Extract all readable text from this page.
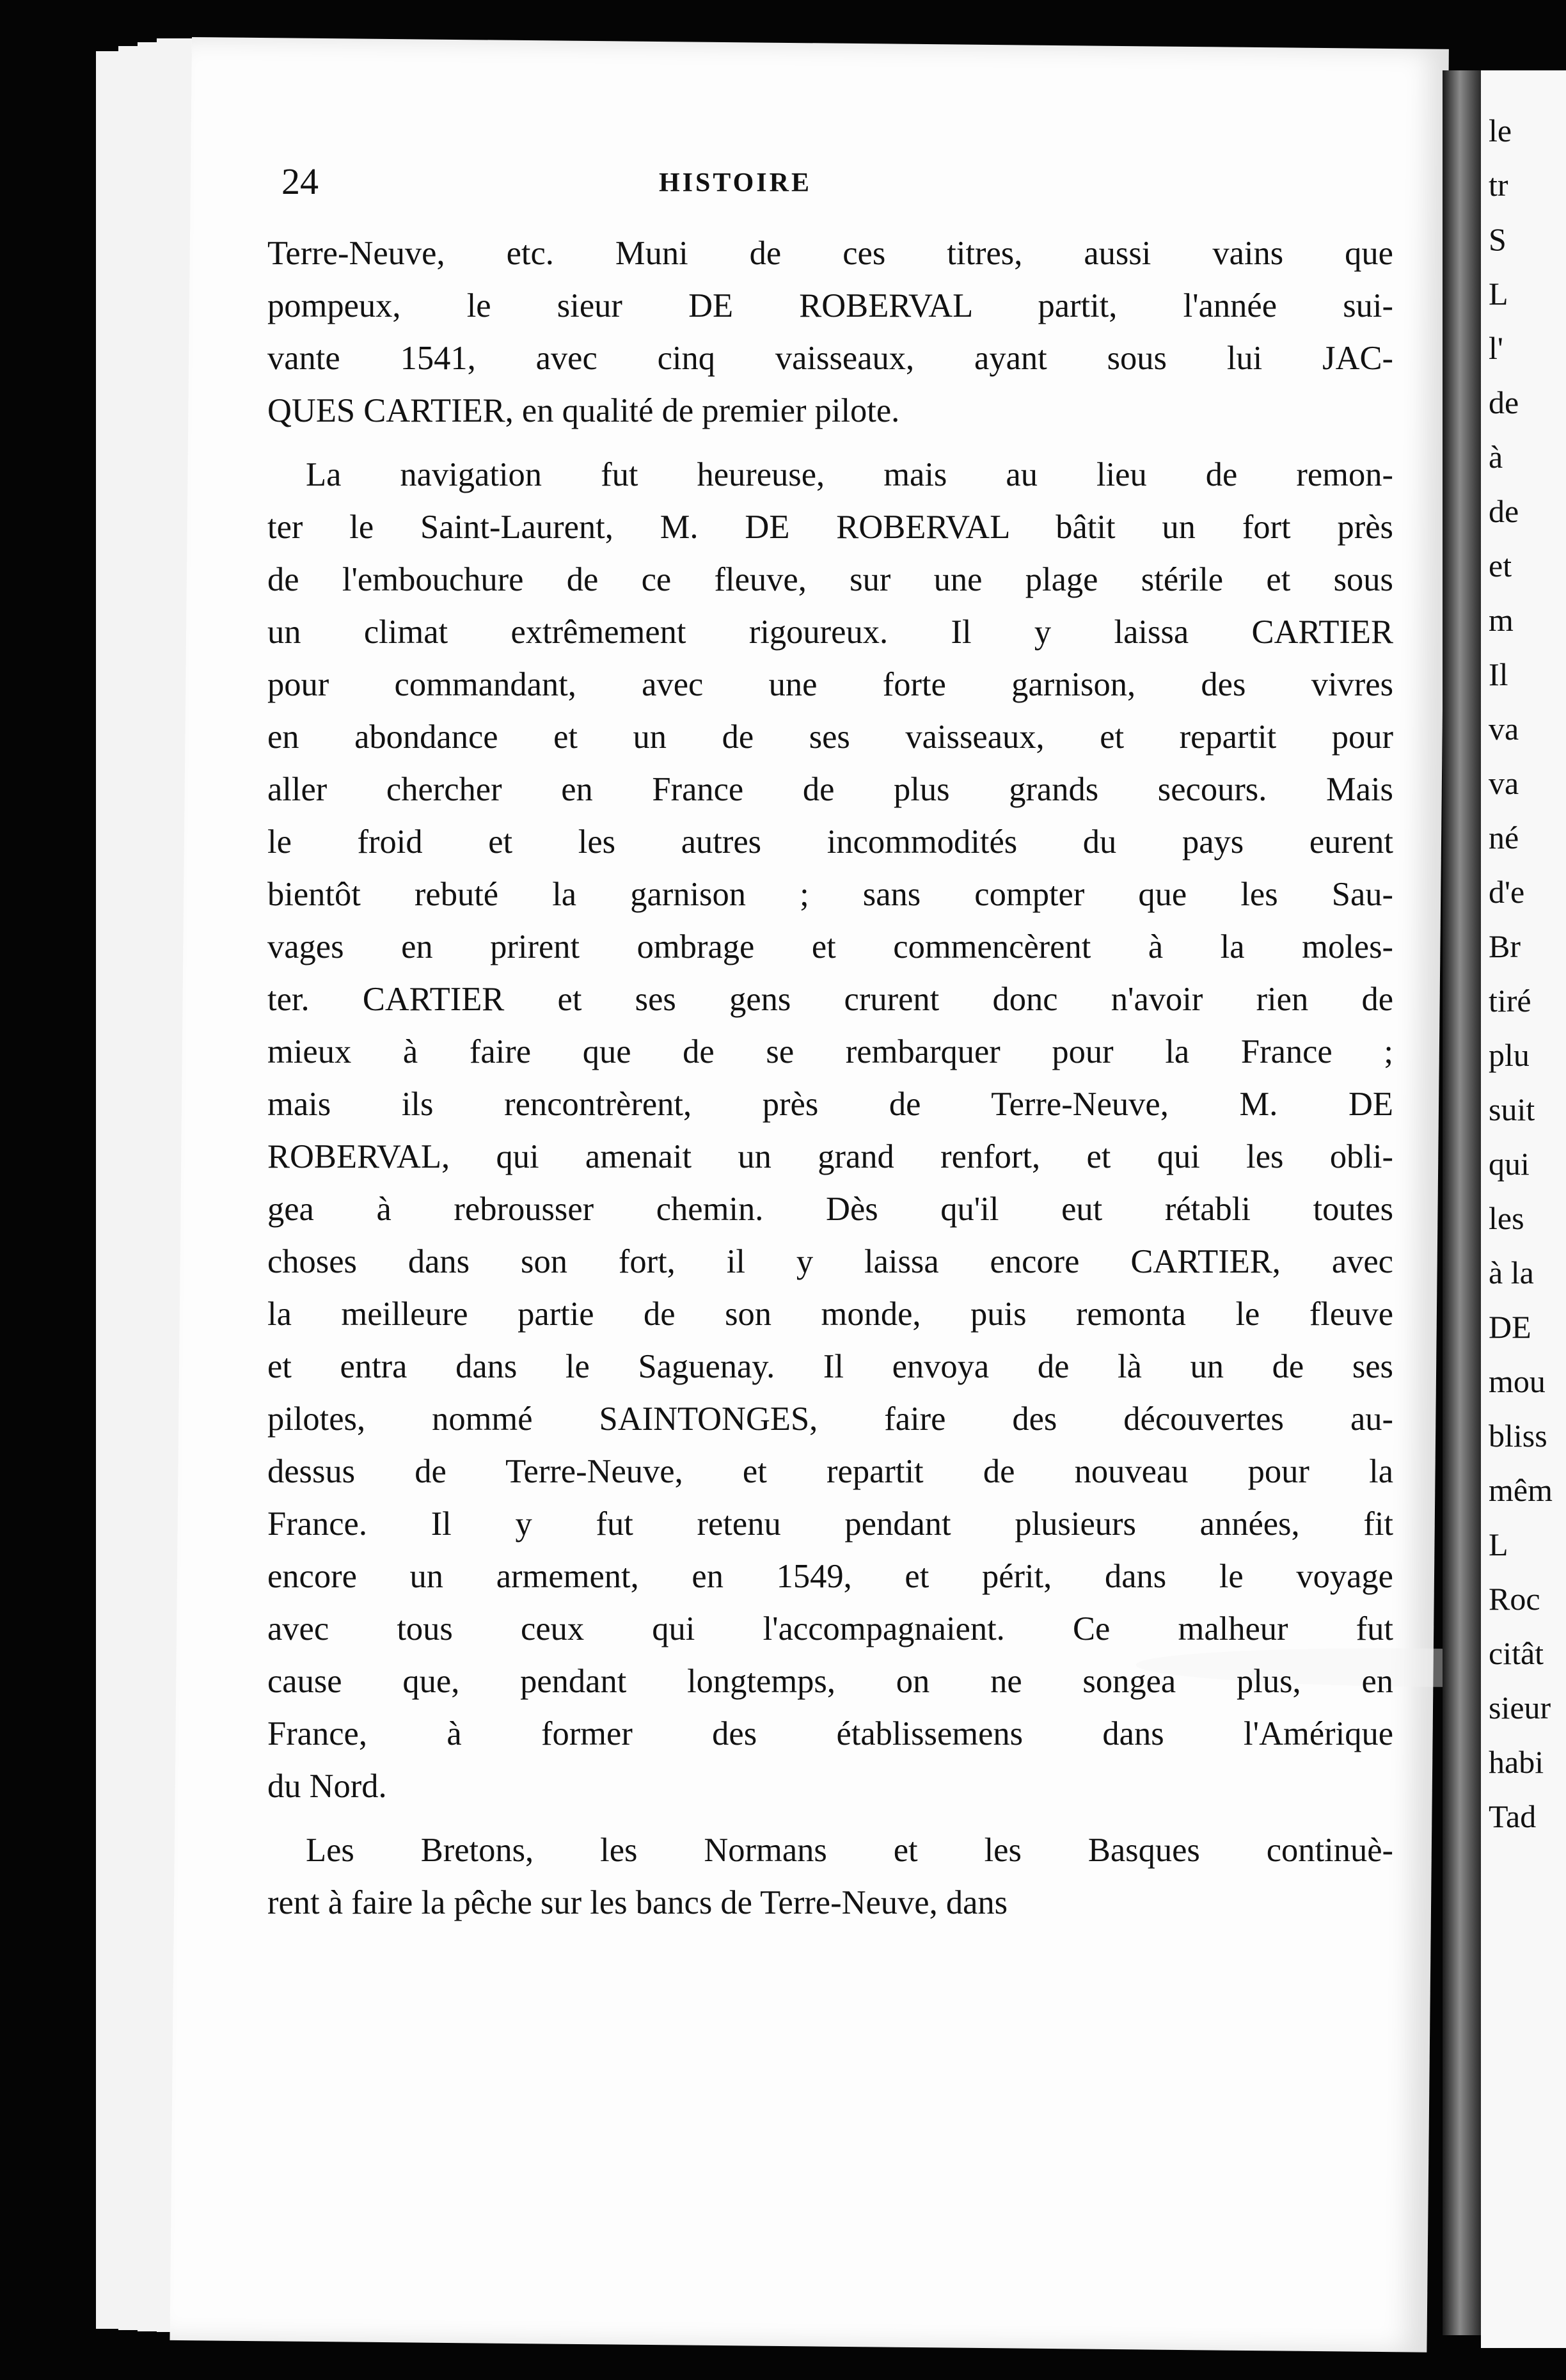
24	HISTOIRE

Terre-Neuve, etc. Muni de ces titres, aussi vains que
pompeux, le sieur DE ROBERVAL partit, l'année sui-
vante 1541, avec cinq vaisseaux, ayant sous lui JAC-
QUES CARTIER, en qualité de premier pilote.
La navigation fut heureuse, mais au lieu de remon-
ter le Saint-Laurent, M. DE ROBERVAL bâtit un fort près
de l'embouchure de ce fleuve, sur une plage stérile et sous
un climat extrêmement rigoureux. Il y laissa CARTIER
pour commandant, avec une forte garnison, des vivres
en abondance et un de ses vaisseaux, et repartit pour
aller chercher en France de plus grands secours. Mais
le froid et les autres incommodités du pays eurent
bientôt rebuté la garnison ; sans compter que les Sau-
vages en prirent ombrage et commencèrent à la moles-
ter. CARTIER et ses gens crurent donc n'avoir rien de
mieux à faire que de se rembarquer pour la France ;
mais ils rencontrèrent, près de Terre-Neuve, M. DE
ROBERVAL, qui amenait un grand renfort, et qui les obli-
gea à rebrousser chemin. Dès qu'il eut rétabli toutes
choses dans son fort, il y laissa encore CARTIER, avec
la meilleure partie de son monde, puis remonta le fleuve
et entra dans le Saguenay. Il envoya de là un de ses
pilotes, nommé SAINTONGES, faire des découvertes au-
dessus de Terre-Neuve, et repartit de nouveau pour la
France. Il y fut retenu pendant plusieurs années, fit
encore un armement, en 1549, et périt, dans le voyage
avec tous ceux qui l'accompagnaient. Ce malheur fut
cause que, pendant longtemps, on ne songea plus, en
France, à former des établissemens dans l'Amérique
du Nord.
Les Bretons, les Normans et les Basques continuè-
rent à faire la pêche sur les bancs de Terre-Neuve, dans
le
tr
S
L
l'
de
à
de
et
m
Il
va
va
né
d'e
Br
tiré
plu
suit
qui
les
à la
DE
mou
bliss
mêm
L
Roc
citât
sieur
habi
Tad
